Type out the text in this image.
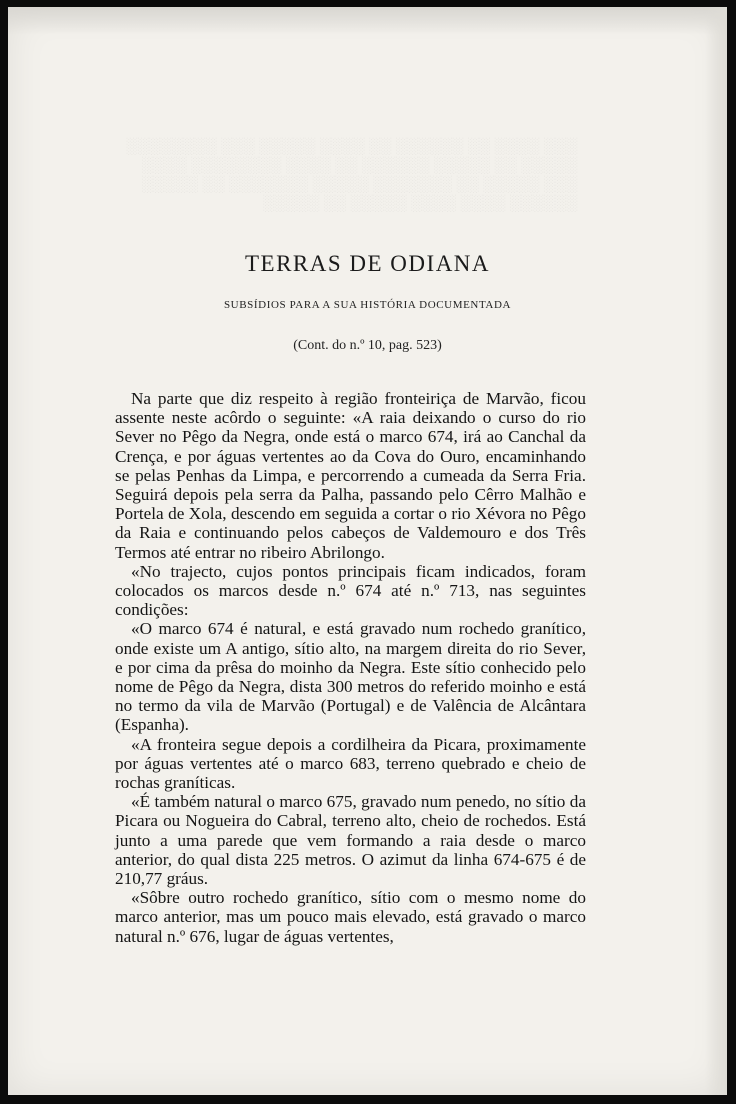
░░░ ░░░░ ░░ ░░░░░░ ░░ ░░░░ ░░░░░ ░░░ ░░░░░░░░ ░░░░░ ░░ ░░░░░ ░░░░░░ ░░ ░░░░ ░░░░░░░░ ░░░░ ░░░ ░░░░░ ░░ ░░░░░░░ ░░░░░ ░░░░░░░ ░░ ░░░░░ ░░░░░░ ░░░░ ░░░░ ░░░░░ ░░ ░░░░░
TERRAS DE ODIANA
SUBSÍDIOS PARA A SUA HISTÓRIA DOCUMENTADA
(Cont. do n.º 10, pag. 523)

Na parte que diz respeito à região fronteiriça de Marvão, ficou assente neste acôrdo o seguinte: «A raia deixando o curso do rio Sever no Pêgo da Negra, onde está o marco 674, irá ao Canchal da Crença, e por águas vertentes ao da Cova do Ouro, encaminhando se pelas Penhas da Limpa, e percorrendo a cumeada da Serra Fria. Seguirá depois pela serra da Palha, passando pelo Cêrro Malhão e Portela de Xola, descendo em seguida a cortar o rio Xévora no Pêgo da Raia e continuando pelos cabeços de Valdemouro e dos Três Termos até entrar no ribeiro Abrilongo.

«No trajecto, cujos pontos principais ficam indicados, foram colocados os marcos desde n.º 674 até n.º 713, nas seguintes condições:

«O marco 674 é natural, e está gravado num rochedo granítico, onde existe um A antigo, sítio alto, na margem direita do rio Sever, e por cima da prêsa do moinho da Negra. Este sítio conhecido pelo nome de Pêgo da Negra, dista 300 metros do referido moinho e está no termo da vila de Marvão (Portugal) e de Valência de Alcântara (Espanha).

«A fronteira segue depois a cordilheira da Picara, proximamente por águas vertentes até o marco 683, terreno quebrado e cheio de rochas graníticas.

«É também natural o marco 675, gravado num penedo, no sítio da Picara ou Nogueira do Cabral, terreno alto, cheio de rochedos. Está junto a uma parede que vem formando a raia desde o marco anterior, do qual dista 225 metros. O azimut da linha 674-675 é de 210,77 gráus.

«Sôbre outro rochedo granítico, sítio com o mesmo nome do marco anterior, mas um pouco mais elevado, está gravado o marco natural n.º 676, lugar de águas vertentes,
